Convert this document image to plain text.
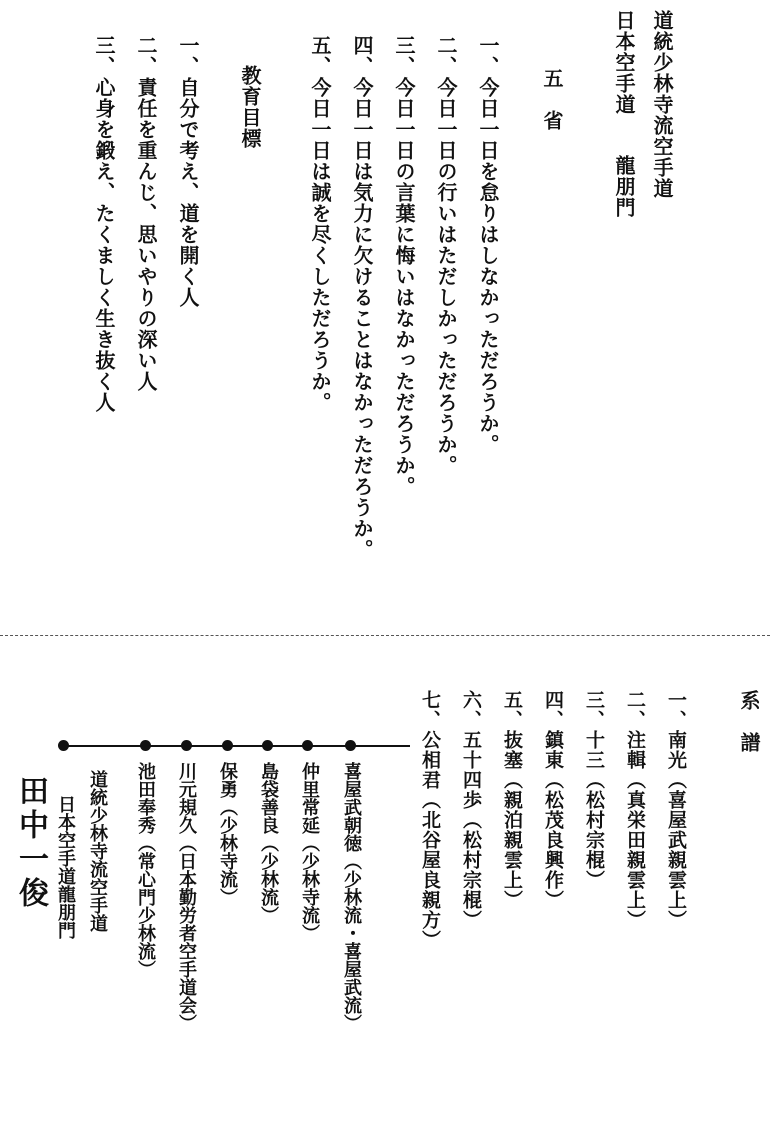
道統少林寺流空手道
日本空手道
龍朋門
五　省
一、今日一日を怠りはしなかっただろうか。
二、今日一日の行いはただしかっただろうか。
三、今日一日の言葉に悔いはなかっただろうか。
四、今日一日は気力に欠けることはなかっただろうか。
五、今日一日は誠を尽くしただろうか。
教育目標
一、自分で考え、道を開く人
二、責任を重んじ、思いやりの深い人
三、心身を鍛え、たくましく生き抜く人
系　譜
一、南光（喜屋武親雲上）
二、注輯（真栄田親雲上）
三、十三（松村宗棍）
四、鎮東（松茂良興作）
五、抜塞（親泊親雲上）
六、五十四歩（松村宗棍）
七、公相君（北谷屋良親方）
喜屋武朝徳（少林流・喜屋武流）
仲里常延（少林寺流）
島袋善良（少林流）
保勇（少林寺流）
川元規久（日本勤労者空手道会）
池田奉秀（常心門少林流）
道統少林寺流空手道
日本空手道龍朋門
田中一俊
